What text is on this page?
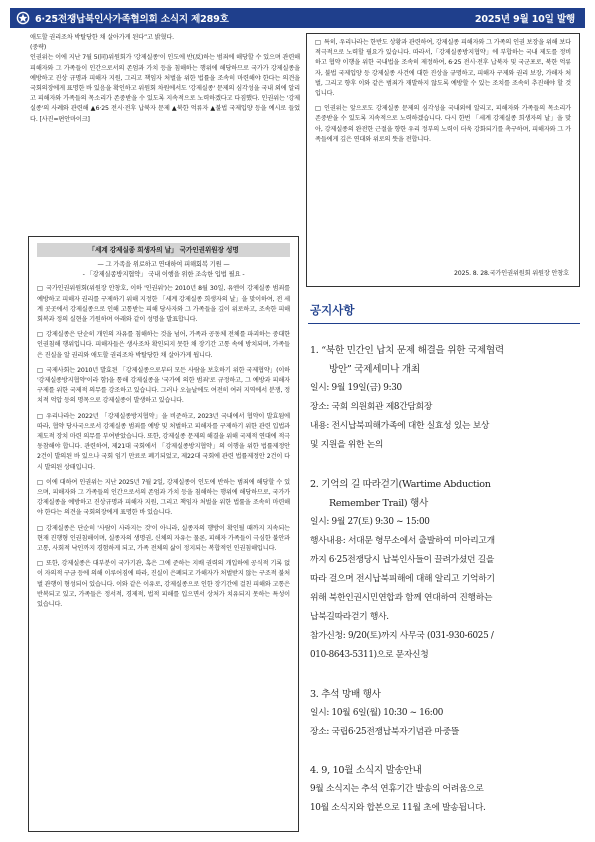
6·25전쟁납북인사가족협의회 소식지 제289호	2025년 9월 10일 발행

애도할 권리조차 박탈당한 채 살아가게 된다”고 밝혔다.

(중략)

인권위는 이에 지난 7월 5(同)위원회가 '강제실종'이 인도에 반(反)하는 범죄에 해당할 수 있으며 관련해 피해자와 그 가족들이 인간으로서의 존엄과 가치 등을 침해하는 행위에 해당하므로 국가가 강제실종을 예방하고 진상 규명과 피해자 지원, 그리고 책임자 처벌을 위한 법률을 조속히 마련해야 한다는 의견을 국회의장에게 표명한 바 있음을 확인하고 위원회 차원에서도 '강제실종' 문제의 심각성을 국내 외에 알리고 피해자와 가족들의 목소리가 존중받을 수 있도록 지속적으로 노력하겠다고 다짐했다. 인권위는 '강제실종'의 사례와 관련해 ▲6·25 전시·전후 납북자 문제 ▲북한 억류자 ▲불법 국제입양 등을 예시로 들었다. [사진=편안마이크]

「세계 강제실종 희생자의 날」 국가인권위원장 성명
— 그 가족을 위로하고 연대하여 피해회복 기원 —
- 「강제실종방지협약」 국내 이행을 위한 조속한 입법 필요 -

□ 국가인권위원회(위원장 안창호, 이하 '인권위')는 2010년 8월 30일, 유엔이 강제실종 범죄를 예방하고 피해자 권리를 구제하기 위해 지정한 「세계 강제실종 희생자의 날」을 맞이하여, 전 세계 곳곳에서 강제실종으로 인해 고통받는 피해 당사자와 그 가족들을 깊이 위로하고, 조속한 피해회복과 정의 실현을 기원하며 아래와 같이 성명을 발표합니다.

□ 강제실종은 단순히 개인의 자유를 침해하는 것을 넘어, 가족과 공동체 전체를 파괴하는 중대한 인권침해 행위입니다. 피해자들은 생사조차 확인되지 못한 채 장기간 고통 속에 방치되며, 가족들은 진실을 알 권리와 애도할 권리조차 박탈당한 채 살아가게 됩니다.

□ 국제사회는 2010년 발효된 「강제실종으로부터 모든 사람을 보호하기 위한 국제협약」(이하 '강제실종방지협약'이라 함)을 통해 강제실종을 '국가에 의한 범죄'로 규정하고, 그 예방과 피해자 구제를 위한 국제적 의무를 강조하고 있습니다. 그러나 오늘날에도 여전히 여러 지역에서 분쟁, 정치적 억압 등의 명목으로 강제실종이 발생하고 있습니다.

□ 우리나라는 2022년 「강제실종방지협약」을 비준하고, 2023년 국내에서 협약이 발효됨에 따라, 협약 당사국으로서 강제실종 범죄를 예방 및 처벌하고 피해자를 구제하기 위한 관련 입법과 제도적 장치 마련 의무를 부여받았습니다. 또한, 강제실종 문제의 해결을 위해 국제적 연대에 적극 동참해야 합니다. 관련하여, 제21대 국회에서 「강제실종방지협약」의 이행을 위한 법률제정안 2건이 발의된 바 있으나 국회 임기 만료로 폐기되었고, 제22대 국회에 관련 법률제정안 2건이 다시 발의된 상태입니다.

□ 이에 대하여 인권위는 지난 2025년 7월 2일, 강제실종이 인도에 반하는 범죄에 해당할 수 있으며, 피해자와 그 가족들의 인간으로서의 존엄과 가치 등을 침해하는 행위에 해당하므로, 국가가 강제실종을 예방하고 진상규명과 피해자 지원, 그리고 책임자 처벌을 위한 법률을 조속히 마련해야 한다는 의견을 국회의장에게 표명한 바 있습니다.

□ 강제실종은 단순히 '사람이 사라지는 것'이 아니라, 실종자의 행방이 확인될 때까지 지속되는 현재 진행형 인권침해이며, 실종자의 생명권, 신체의 자유는 물론, 피해자 가족들이 극심한 불안과 고통, 사회적 낙인까지 경험하게 되고, 가족 전체의 삶이 정지되는 복합적인 인권침해입니다.

□ 또한, 강제실종은 대부분이 국가기관, 혹은 그에 준하는 지배 권력의 개입하에 공식적 기록 없이 자의적 구금 등에 의해 이루어짐에 따라, 진실이 은폐되고 가해자가 처벌받지 않는 구조적 불처벌 관행이 형성되어 있습니다. 이와 같은 이유로, 강제실종으로 인한 장기간에 걸친 피해와 고통은 반복되고 있고, 가족들은 정서적, 경제적, 법적 피해를 입으면서 상처가 치유되지 못하는 특성이 있습니다.

□ 특히, 우리나라는 한반도 상황과 관련하여, 강제실종 피해자와 그 가족의 인권 보장을 위해 보다 적극적으로 노력할 필요가 있습니다. 따라서,「강제실종방지협약」에 부합하는 국내 제도를 정비하고 협약 이행을 위한 국내법을 조속히 제정하여, 6·25 전시·전후 납북자 및 국군포로, 북한 억류자, 불법 국제입양 등 강제실종 사건에 대한 진상을 규명하고, 피해자 구제와 권리 보장, 가해자 처벌, 그리고 향후 이와 같은 범죄가 재발하지 않도록 예방할 수 있는 조치를 조속히 추진해야 할 것입니다.

□ 인권위는 앞으로도 강제실종 문제의 심각성을 국내외에 알리고, 피해자와 가족들의 목소리가 존중받을 수 있도록 지속적으로 노력하겠습니다. 다시 한번 「세계 강제실종 희생자의 날」을 맞아, 강제실종의 완전한 근절을 향한 우리 정부의 노력이 더욱 강화되기를 촉구하며, 피해자와 그 가족들에게 깊은 연대와 위로의 뜻을 전합니다.

2025. 8. 28.국가인권위원회 위원장 안창호
공지사항
1. “북한 민간인 납치 문제 해결을 위한 국제협력
방안” 국제세미나 개최
일시: 9월 19일(금) 9:30
장소: 국회 의원회관 제8간담회장
내용: 전시납북피해가족에 대한 실효성 있는 보상
및 지원을 위한 논의
2. 기억의 길 따라걷기(Wartime Abduction
Remember Trail) 행사
일시: 9월 27(토) 9:30 ~ 15:00
행사내용: 서대문 형무소에서 출발하여 미아리고개
까지 6·25전쟁당시 납북인사들이 끌려가셨던 길을
따라 걸으며 전시납북피해에 대해 알리고 기억하기
위해 북한인권시민연합과 함께 연대하여 진행하는
납북길따라걷기 행사.
참가신청: 9/20(토)까지 사무국 (031-930-6025 /
010-8643-5311)으로 문자신청
3. 추석 망배 행사
일시: 10월 6일(월) 10:30 ~ 16:00
장소: 국립6·25전쟁납북자기념관 마중뜰
4. 9, 10월 소식지 발송안내
9월 소식지는 추석 연휴기간 발송의 어려움으로
10월 소식지와 합본으로 11월 초에 발송됩니다.
